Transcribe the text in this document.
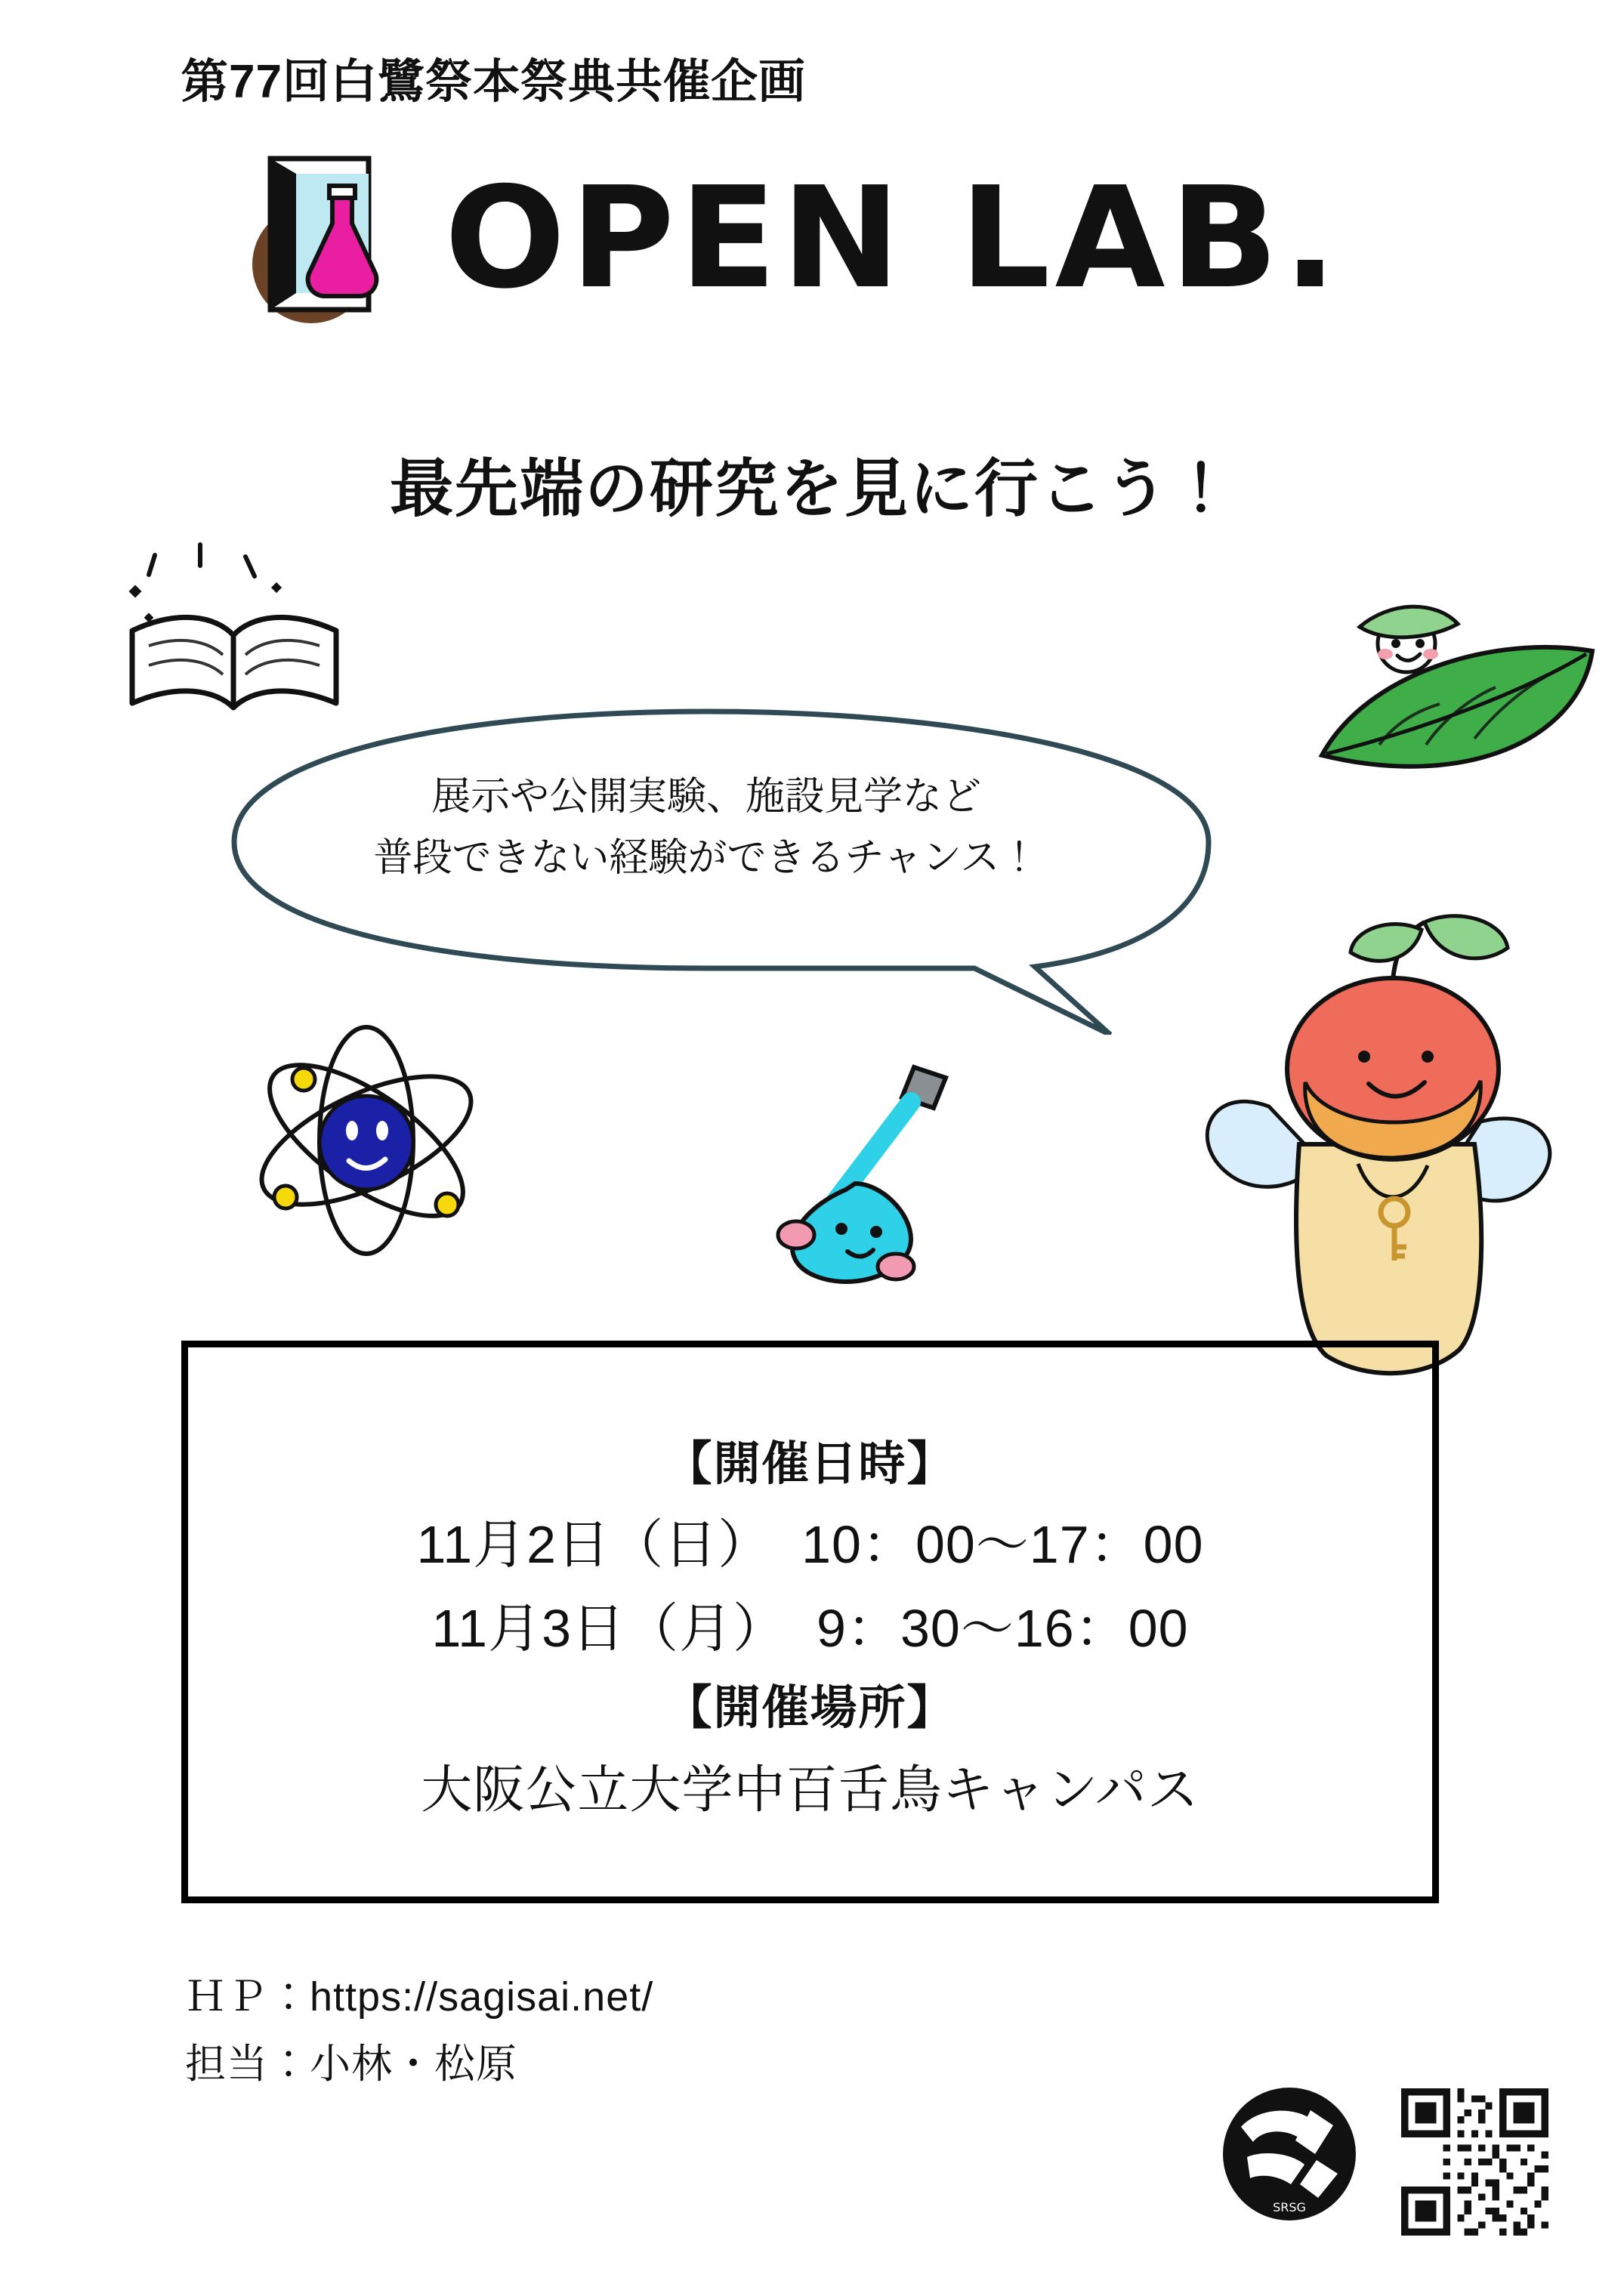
第77回白鷺祭本祭典共催企画
OPEN LAB.
最先端の研究を見に行こう！
展示や公開実験、施設見学など
普段できない経験ができるチャンス！
【開催日時】
11月2日（日） 10：00〜17：00
11月3日（月） 9：30〜16：00
【開催場所】
大阪公立大学中百舌鳥キャンパス
ＨＰ：https://sagisai.net/
担当：小林・松原
SRSG
